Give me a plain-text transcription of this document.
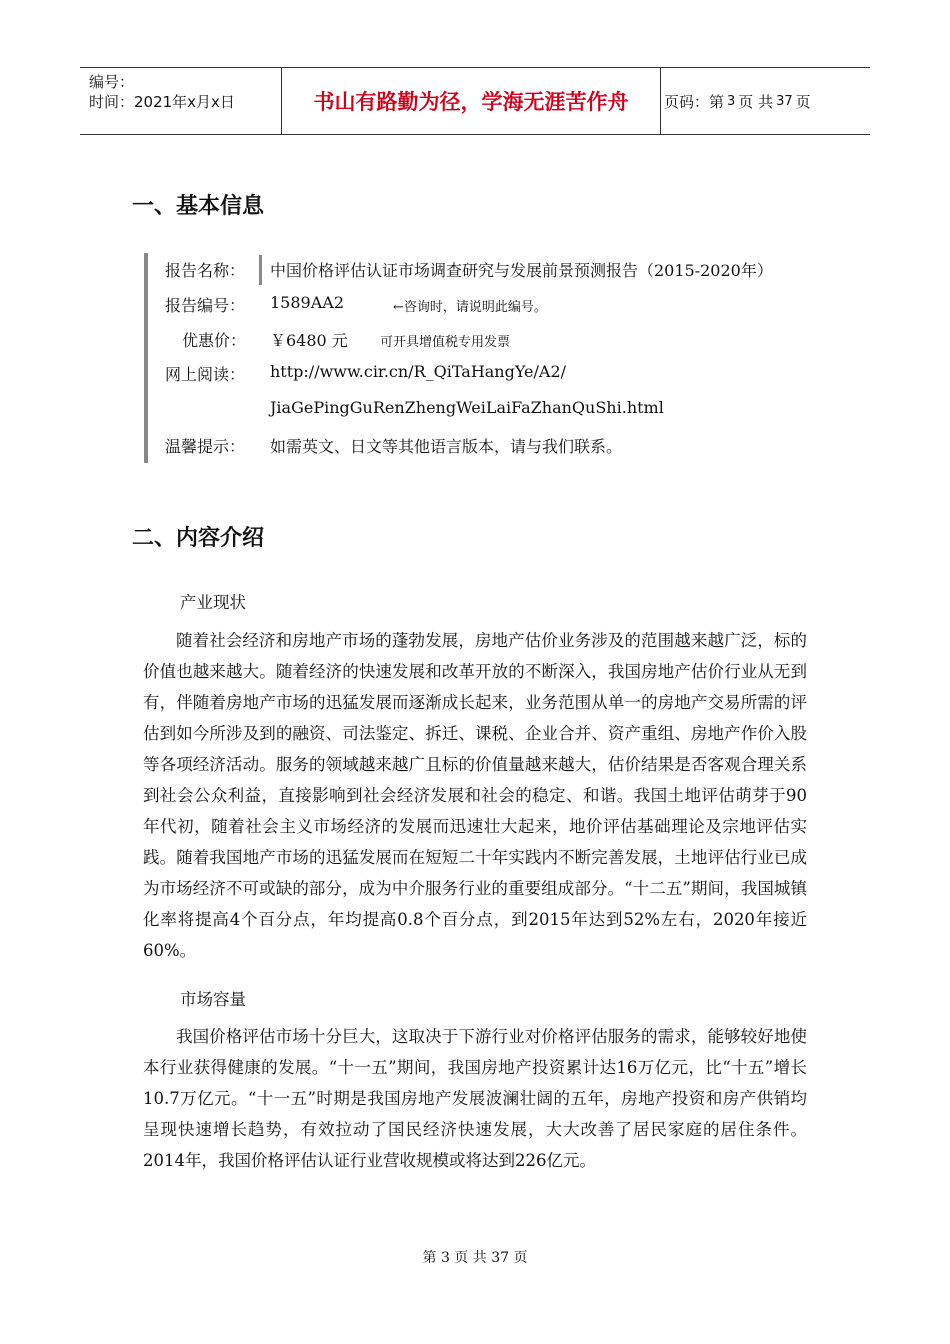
编号：
时间：2021年x月x日	书山有路勤为径，学海无涯苦作舟 页码：第 3 页 共 37 页
一、基本信息
报告名称： 中国价格评估认证市场调查研究与发展前景预测报告（2015-2020年）
报告编号： 1589AA2	←咨询时，请说明此编号。
优惠价：	￥6480 元 可开具增值税专用发票
网上阅读： http://www.cir.cn/R_QiTaHangYe/A2/
JiaGePingGuRenZhengWeiLaiFaZhanQuShi.html
温馨提示： 如需英文、日文等其他语言版本，请与我们联系。
二、内容介绍
产业现状

随着社会经济和房地产市场的蓬勃发展，房地产估价业务涉及的范围越来越广泛，标的价值也越来越大。随着经济的快速发展和改革开放的不断深入，我国房地产估价行业从无到有，伴随着房地产市场的迅猛发展而逐渐成长起来，业务范围从单一的房地产交易所需的评估到如今所涉及到的融资、司法鉴定、拆迁、课税、企业合并、资产重组、房地产作价入股等各项经济活动。服务的领域越来越广且标的价值量越来越大，估价结果是否客观合理关系到社会公众利益，直接影响到社会经济发展和社会的稳定、和谐。我国土地评估萌芽于90年代初，随着社会主义市场经济的发展而迅速壮大起来，地价评估基础理论及宗地评估实践。随着我国地产市场的迅猛发展而在短短二十年实践内不断完善发展，土地评估行业已成为市场经济不可或缺的部分，成为中介服务行业的重要组成部分。“十二五”期间，我国城镇化率将提高4个百分点，年均提高0.8个百分点，到2015年达到52%左右，2020年接近60%。

市场容量

我国价格评估市场十分巨大，这取决于下游行业对价格评估服务的需求，能够较好地使本行业获得健康的发展。“十一五”期间，我国房地产投资累计达16万亿元，比“十五”增长10.7万亿元。“十一五”时期是我国房地产发展波澜壮阔的五年，房地产投资和房产供销均呈现快速增长趋势，有效拉动了国民经济快速发展，大大改善了居民家庭的居住条件。2014年，我国价格评估认证行业营收规模或将达到226亿元。

第 3 页 共 37 页
